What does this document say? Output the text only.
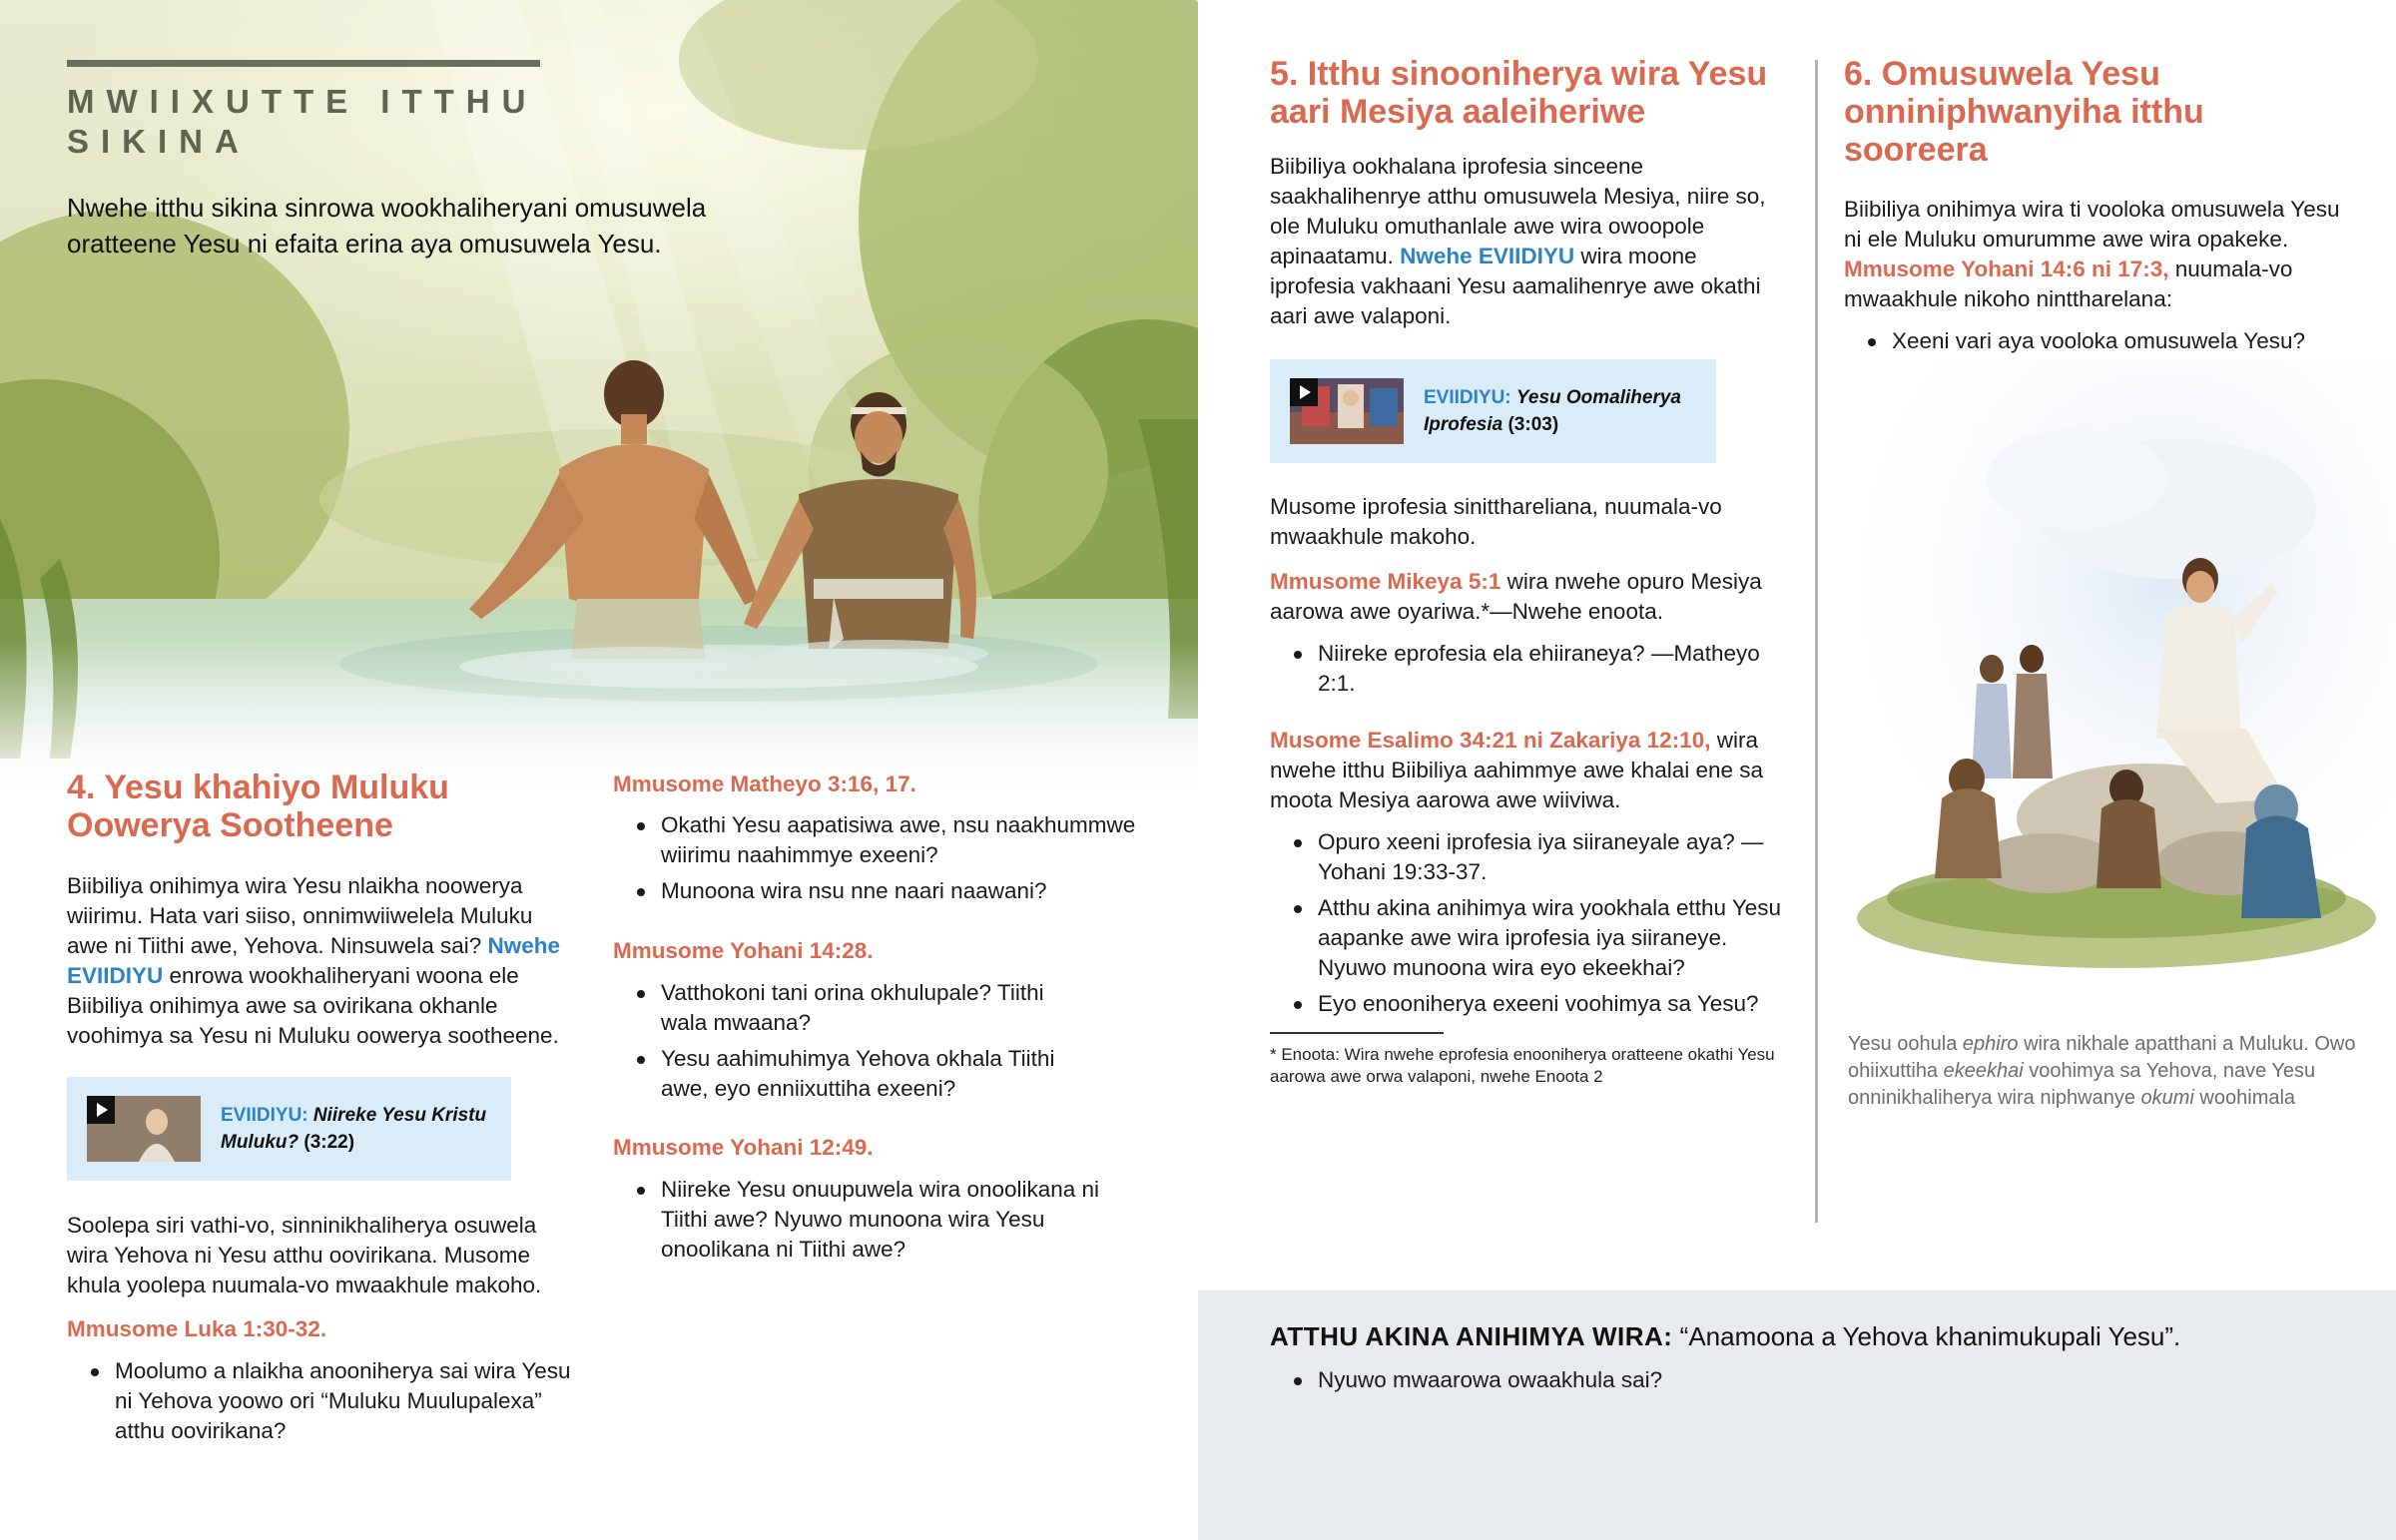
MWIIXUTTE ITTHU SIKINA
Nwehe itthu sikina sinrowa wookhaliheryani omusuwela oratteene Yesu ni efaita erina aya omusuwela Yesu.
4. Yesu khahiyo Muluku Oowerya Sootheene

Biibiliya onihimya wira Yesu nlaikha noowerya wiirimu. Hata vari siiso, onnimwiiwelela Muluku awe ni Tiithi awe, Yehova. Ninsuwela sai? Nwehe EVIIDIYU enrowa wookhaliheryani woona ele Biibiliya onihimya awe sa ovirikana okhanle voohimya sa Yesu ni Muluku oowerya sootheene.

EVIIDIYU: Niireke Yesu Kristu Muluku? (3:22)

Soolepa siri vathi-vo, sinninikhaliherya osuwela wira Yehova ni Yesu atthu oovirikana. Musome khula yoolepa nuumala-vo mwaakhule makoho.

Mmusome Luka 1:30-32.
Moolumo a nlaikha anooniherya sai wira Yesu ni Yehova yoowo ori “Muluku Muulupalexa” atthu oovirikana?
Mmusome Matheyo 3:16, 17.
Okathi Yesu aapatisiwa awe, nsu naakhummwe wiirimu naahimmye exeeni?
Munoona wira nsu nne naari naawani?
Mmusome Yohani 14:28.
Vatthokoni tani orina okhulupale? Tiithi wala mwaana?
Yesu aahimuhimya Yehova okhala Tiithi awe, eyo enniixuttiha exeeni?
Mmusome Yohani 12:49.
Niireke Yesu onuupuwela wira onoolikana ni Tiithi awe? Nyuwo munoona wira Yesu onoolikana ni Tiithi awe?
5. Itthu sinooniherya wira Yesu aari Mesiya aaleiheriwe

Biibiliya ookhalana iprofesia sinceene saakhalihenrye atthu omusuwela Mesiya, niire so, ole Muluku omuthanlale awe wira owoopole apinaatamu. Nwehe EVIIDIYU wira moone iprofesia vakhaani Yesu aamalihenrye awe okathi aari awe valaponi.

EVIIDIYU: Yesu Oomaliherya Iprofesia (3:03)

Musome iprofesia sinitthareliana, nuumala-vo mwaakhule makoho.

Mmusome Mikeya 5:1 wira nwehe opuro Mesiya aarowa awe oyariwa.*—Nwehe enoota.

Niireke eprofesia ela ehiiraneya? —Matheyo 2:1.

Musome Esalimo 34:21 ni Zakariya 12:10, wira nwehe itthu Biibiliya aahimmye awe khalai ene sa moota Mesiya aarowa awe wiiviwa.

Opuro xeeni iprofesia iya siiraneyale aya? —Yohani 19:33-37.
Atthu akina anihimya wira yookhala etthu Yesu aapanke awe wira iprofesia iya siiraneye. Nyuwo munoona wira eyo ekeekhai?
Eyo enooniherya exeeni voohimya sa Yesu?

* Enoota: Wira nwehe eprofesia enooniherya oratteene okathi Yesu aarowa awe orwa valaponi, nwehe Enoota 2

6. Omusuwela Yesu onniniphwanyiha itthu sooreera

Biibiliya onihimya wira ti vooloka omusuwela Yesu ni ele Muluku omurumme awe wira opakeke. Mmusome Yohani 14:6 ni 17:3, nuumala-vo mwaakhule nikoho ninttharelana:

Xeeni vari aya vooloka omusuwela Yesu?
Yesu oohula ephiro wira nikhale apatthani a Muluku. Owo ohiixuttiha ekeekhai voohimya sa Yehova, nave Yesu onninikhaliherya wira niphwanye okumi woohimala
ATTHU AKINA ANIHIMYA WIRA: “Anamoona a Yehova khanimukupali Yesu”.
Nyuwo mwaarowa owaakhula sai?
